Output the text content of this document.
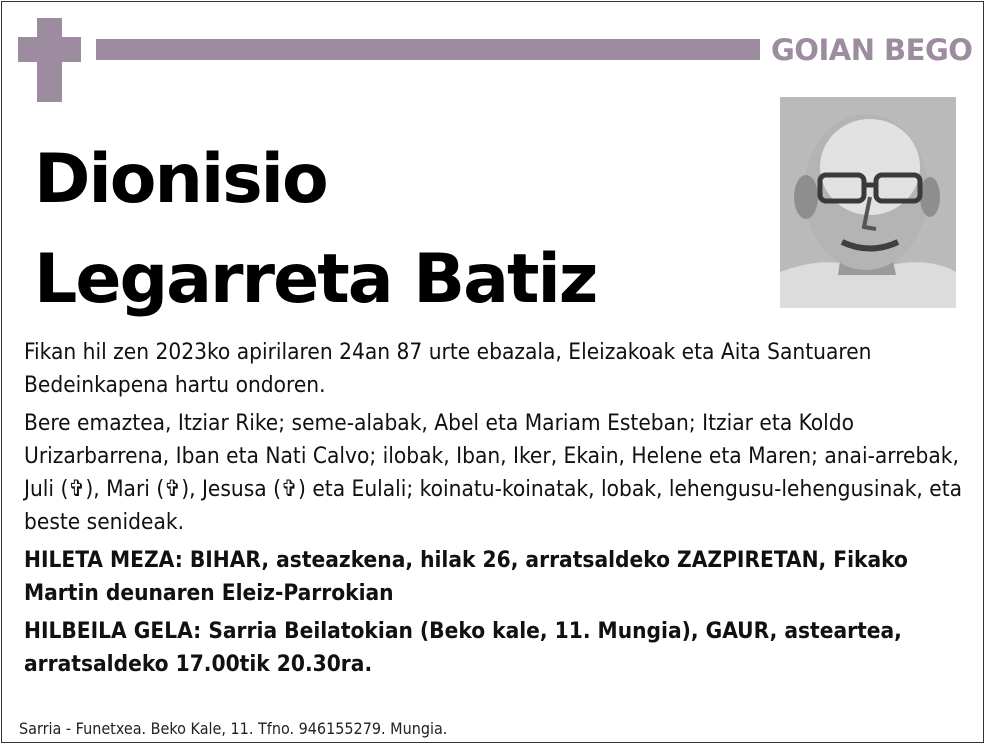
GOIAN BEGO
Dionisio
Legarreta Batiz

Fikan hil zen 2023ko apirilaren 24an 87 urte ebazala, Eleizakoak eta Aita Santuaren Bedeinkapena hartu ondoren.

Bere emaztea, Itziar Rike; seme-alabak, Abel eta Mariam Esteban; Itziar eta Koldo Urizarbarrena, Iban eta Nati Calvo; ilobak, Iban, Iker, Ekain, Helene eta Maren; anai-arrebak, Juli (✞), Mari (✞), Jesusa (✞) eta Eulali; koinatu-koinatak, lobak, lehengusu-lehengusinak, eta beste senideak.

HILETA MEZA: BIHAR, asteazkena, hilak 26, arratsaldeko ZAZPIRETAN, Fikako Martin deunaren Eleiz-Parrokian

HILBEILA GELA: Sarria Beilatokian (Beko kale, 11. Mungia), GAUR, asteartea, arratsaldeko 17.00tik 20.30ra.

Sarria - Funetxea. Beko Kale, 11. Tfno. 946155279. Mungia.
